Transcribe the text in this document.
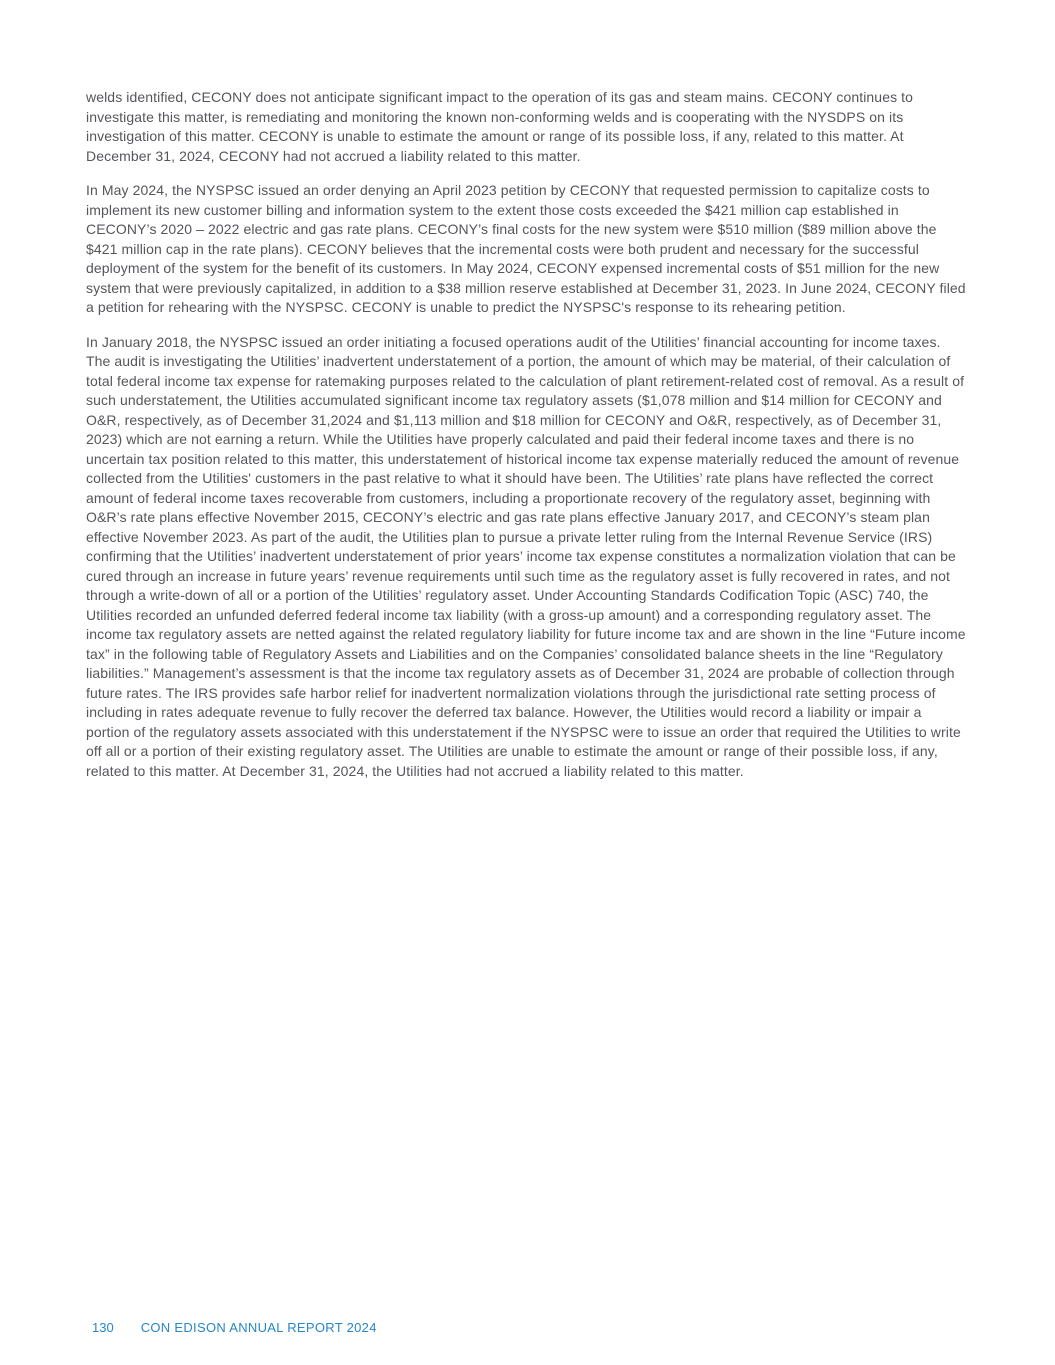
welds identified, CECONY does not anticipate significant impact to the operation of its gas and steam mains. CECONY continues to investigate this matter, is remediating and monitoring the known non-conforming welds and is cooperating with the NYSDPS on its investigation of this matter. CECONY is unable to estimate the amount or range of its possible loss, if any, related to this matter. At December 31, 2024, CECONY had not accrued a liability related to this matter.

In May 2024, the NYSPSC issued an order denying an April 2023 petition by CECONY that requested permission to capitalize costs to implement its new customer billing and information system to the extent those costs exceeded the $421 million cap established in CECONY’s 2020 – 2022 electric and gas rate plans. CECONY’s final costs for the new system were $510 million ($89 million above the $421 million cap in the rate plans). CECONY believes that the incremental costs were both prudent and necessary for the successful deployment of the system for the benefit of its customers. In May 2024, CECONY expensed incremental costs of $51 million for the new system that were previously capitalized, in addition to a $38 million reserve established at December 31, 2023. In June 2024, CECONY filed a petition for rehearing with the NYSPSC. CECONY is unable to predict the NYSPSC's response to its rehearing petition.

In January 2018, the NYSPSC issued an order initiating a focused operations audit of the Utilities’ financial accounting for income taxes. The audit is investigating the Utilities’ inadvertent understatement of a portion, the amount of which may be material, of their calculation of total federal income tax expense for ratemaking purposes related to the calculation of plant retirement-related cost of removal. As a result of such understatement, the Utilities accumulated significant income tax regulatory assets ($1,078 million and $14 million for CECONY and O&R, respectively, as of December 31,2024 and $1,113 million and $18 million for CECONY and O&R, respectively, as of December 31, 2023) which are not earning a return. While the Utilities have properly calculated and paid their federal income taxes and there is no uncertain tax position related to this matter, this understatement of historical income tax expense materially reduced the amount of revenue collected from the Utilities' customers in the past relative to what it should have been. The Utilities’ rate plans have reflected the correct amount of federal income taxes recoverable from customers, including a proportionate recovery of the regulatory asset, beginning with O&R’s rate plans effective November 2015, CECONY’s electric and gas rate plans effective January 2017, and CECONY’s steam plan effective November 2023. As part of the audit, the Utilities plan to pursue a private letter ruling from the Internal Revenue Service (IRS) confirming that the Utilities’ inadvertent understatement of prior years’ income tax expense constitutes a normalization violation that can be cured through an increase in future years’ revenue requirements until such time as the regulatory asset is fully recovered in rates, and not through a write-down of all or a portion of the Utilities’ regulatory asset. Under Accounting Standards Codification Topic (ASC) 740, the Utilities recorded an unfunded deferred federal income tax liability (with a gross-up amount) and a corresponding regulatory asset. The income tax regulatory assets are netted against the related regulatory liability for future income tax and are shown in the line “Future income tax” in the following table of Regulatory Assets and Liabilities and on the Companies’ consolidated balance sheets in the line “Regulatory liabilities.” Management’s assessment is that the income tax regulatory assets as of December 31, 2024 are probable of collection through future rates. The IRS provides safe harbor relief for inadvertent normalization violations through the jurisdictional rate setting process of including in rates adequate revenue to fully recover the deferred tax balance. However, the Utilities would record a liability or impair a portion of the regulatory assets associated with this understatement if the NYSPSC were to issue an order that required the Utilities to write off all or a portion of their existing regulatory asset. The Utilities are unable to estimate the amount or range of their possible loss, if any, related to this matter. At December 31, 2024, the Utilities had not accrued a liability related to this matter.

130 CON EDISON ANNUAL REPORT 2024
